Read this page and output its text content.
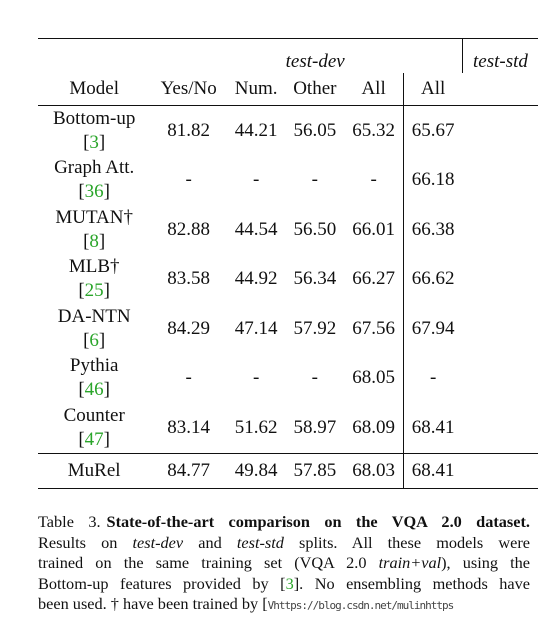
		test-dev				test-std
Model	Yes/No	Num.	Other	All	All	
Bottom-up
[3]	81.82	44.21	56.05	65.32	65.67	
Graph Att.
[36]	-	-	-	-	66.18	
MUTAN†
[8]	82.88	44.54	56.50	66.01	66.38	
MLB†
[25]	83.58	44.92	56.34	66.27	66.62	
DA-NTN
[6]	84.29	47.14	57.92	67.56	67.94	
Pythia
[46]	-	-	-	68.05	-	
Counter
[47]	83.14	51.62	58.97	68.09	68.41	
MuRel	84.77	49.84	57.85	68.03	68.41	
Table 3. State-of-the-art comparison on the VQA 2.0 dataset.
Results on test-dev and test-std splits. All these models were
trained on the same training set (VQA 2.0 train+val), using the
Bottom-up features provided by [3]. No ensembling methods have
been used. † have been trained by [Vhttps://blog.csdn.net/mulinhttps
